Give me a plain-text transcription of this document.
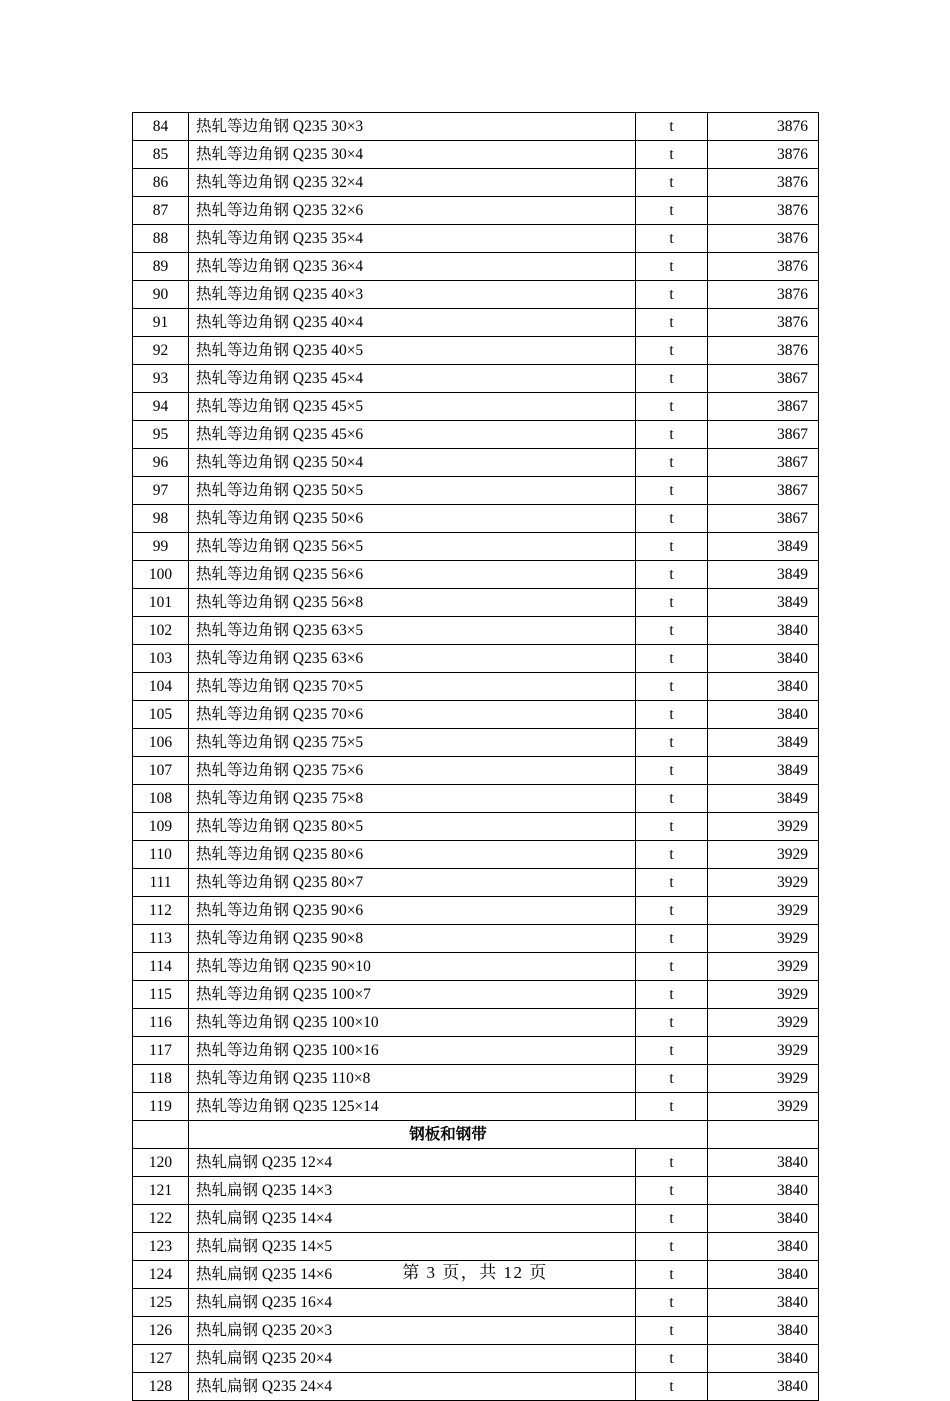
84	热轧等边角钢 Q235 30×3	t	3876
85	热轧等边角钢 Q235 30×4	t	3876
86	热轧等边角钢 Q235 32×4	t	3876
87	热轧等边角钢 Q235 32×6	t	3876
88	热轧等边角钢 Q235 35×4	t	3876
89	热轧等边角钢 Q235 36×4	t	3876
90	热轧等边角钢 Q235 40×3	t	3876
91	热轧等边角钢 Q235 40×4	t	3876
92	热轧等边角钢 Q235 40×5	t	3876
93	热轧等边角钢 Q235 45×4	t	3867
94	热轧等边角钢 Q235 45×5	t	3867
95	热轧等边角钢 Q235 45×6	t	3867
96	热轧等边角钢 Q235 50×4	t	3867
97	热轧等边角钢 Q235 50×5	t	3867
98	热轧等边角钢 Q235 50×6	t	3867
99	热轧等边角钢 Q235 56×5	t	3849
100	热轧等边角钢 Q235 56×6	t	3849
101	热轧等边角钢 Q235 56×8	t	3849
102	热轧等边角钢 Q235 63×5	t	3840
103	热轧等边角钢 Q235 63×6	t	3840
104	热轧等边角钢 Q235 70×5	t	3840
105	热轧等边角钢 Q235 70×6	t	3840
106	热轧等边角钢 Q235 75×5	t	3849
107	热轧等边角钢 Q235 75×6	t	3849
108	热轧等边角钢 Q235 75×8	t	3849
109	热轧等边角钢 Q235 80×5	t	3929
110	热轧等边角钢 Q235 80×6	t	3929
111	热轧等边角钢 Q235 80×7	t	3929
112	热轧等边角钢 Q235 90×6	t	3929
113	热轧等边角钢 Q235 90×8	t	3929
114	热轧等边角钢 Q235 90×10	t	3929
115	热轧等边角钢 Q235 100×7	t	3929
116	热轧等边角钢 Q235 100×10	t	3929
117	热轧等边角钢 Q235 100×16	t	3929
118	热轧等边角钢 Q235 110×8	t	3929
119	热轧等边角钢 Q235 125×14	t	3929
	钢板和钢带		
120	热轧扁钢 Q235 12×4	t	3840
121	热轧扁钢 Q235 14×3	t	3840
122	热轧扁钢 Q235 14×4	t	3840
123	热轧扁钢 Q235 14×5	t	3840
124	热轧扁钢 Q235 14×6	t	3840
125	热轧扁钢 Q235 16×4	t	3840
126	热轧扁钢 Q235 20×3	t	3840
127	热轧扁钢 Q235 20×4	t	3840
128	热轧扁钢 Q235 24×4	t	3840
第 3 页，共 12 页
